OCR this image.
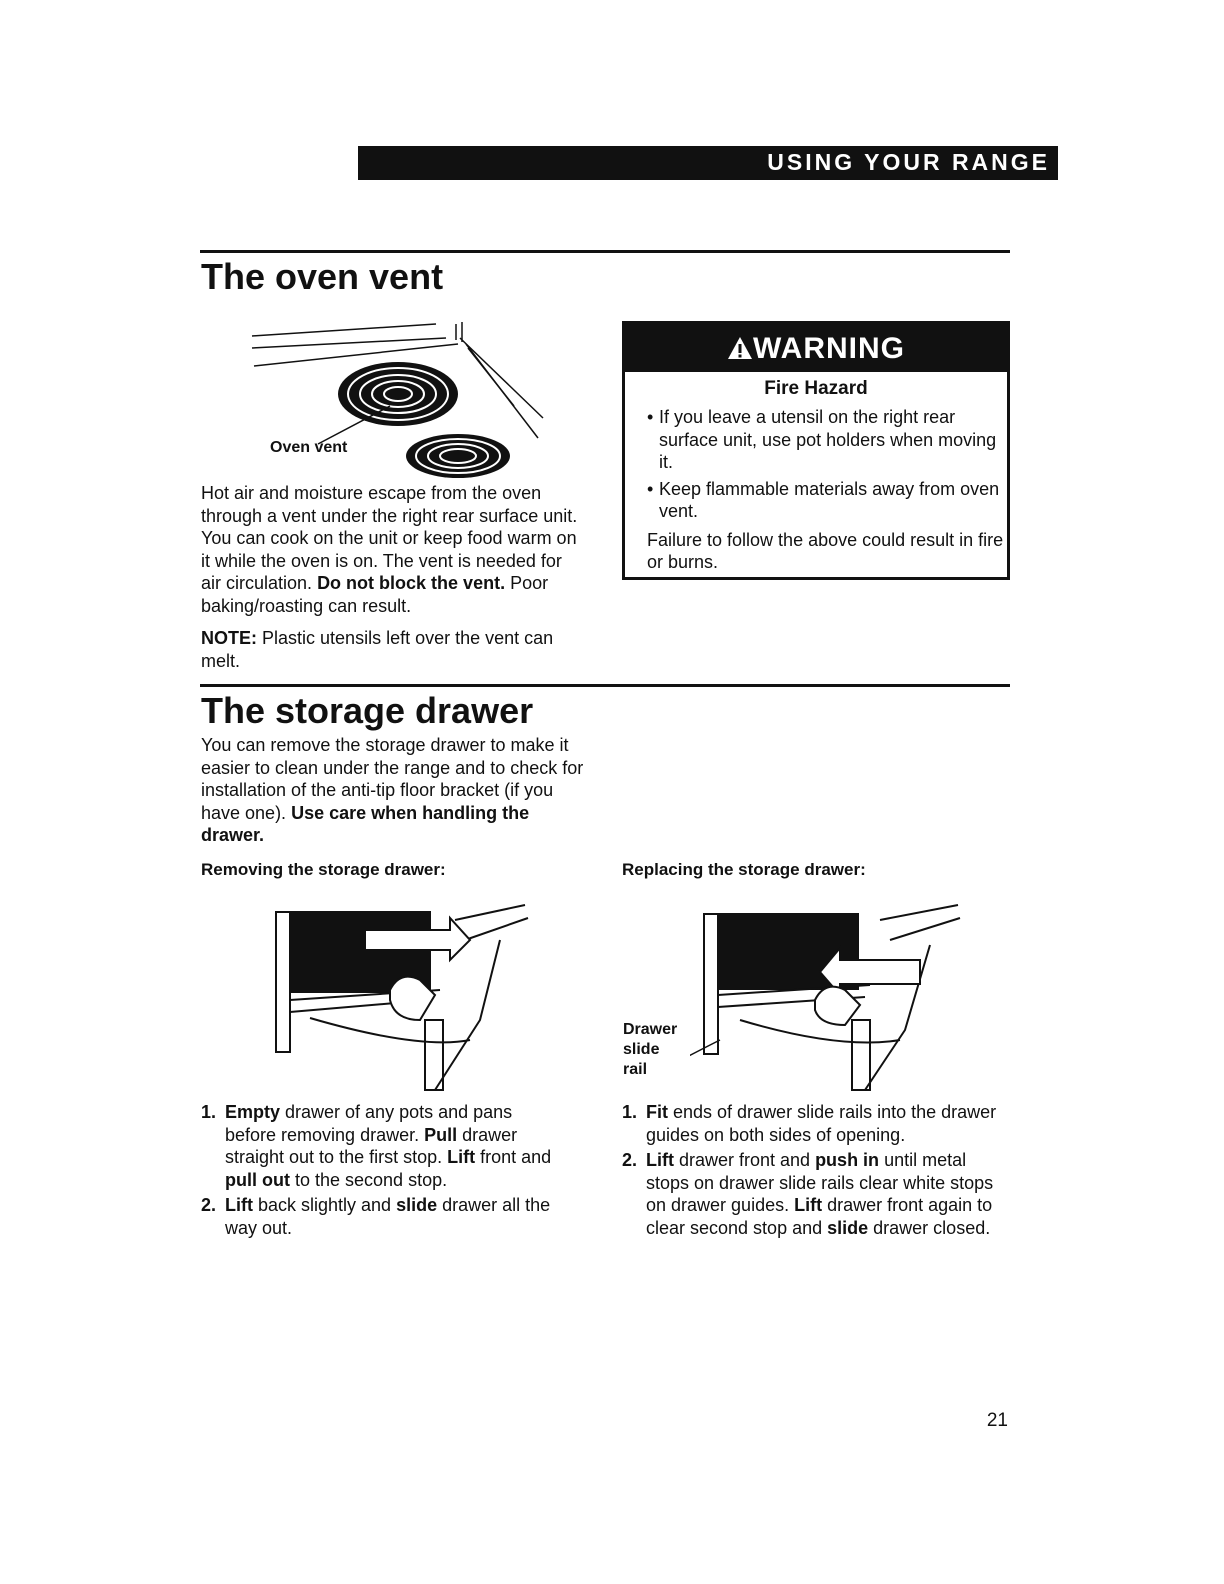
USING YOUR RANGE
The oven vent
Oven vent

Hot air and moisture escape from the oven through a vent under the right rear surface unit. You can cook on the unit or keep food warm on it while the oven is on. The vent is needed for air circulation. Do not block the vent. Poor baking/roasting can result.

NOTE: Plastic utensils left over the vent can melt.

WARNING
Fire Hazard
• If you leave a utensil on the right rear surface unit, use pot holders when moving it.
• Keep flammable materials away from oven vent.
Failure to follow the above could result in fire or burns.
The storage drawer
You can remove the storage drawer to make it easier to clean under the range and to check for installation of the anti-tip floor bracket (if you have one). Use care when handling the drawer.
Removing the storage drawer:	Replacing the storage drawer:
Drawer
slide
rail
1. Empty drawer of any pots and pans before removing drawer. Pull drawer straight out to the first stop. Lift front and pull out to the second stop.
2. Lift back slightly and slide drawer all the way out.
1. Fit ends of drawer slide rails into the drawer guides on both sides of opening.
2. Lift drawer front and push in until metal stops on drawer slide rails clear white stops on drawer guides. Lift drawer front again to clear second stop and slide drawer closed.
21
